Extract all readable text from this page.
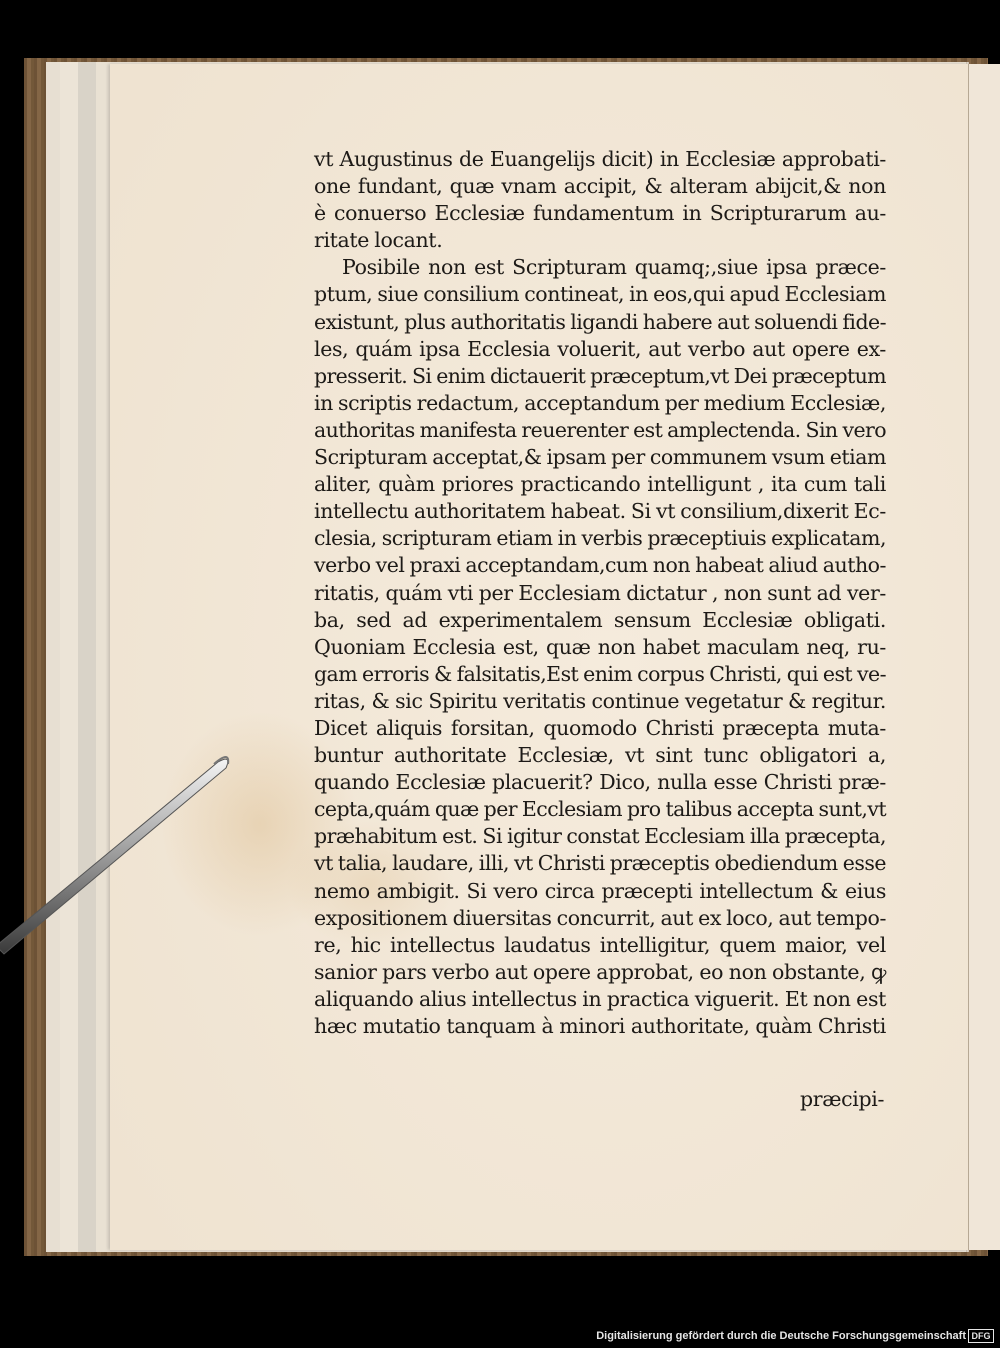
vt Augustinus de Euangelijs dicit) in Ecclesiæ approbati-
one fundant, quæ vnam accipit, & alteram abijcit,& non
è conuerso Ecclesiæ fundamentum in Scripturarum au-
ritate locant.
Posibile non est Scripturam quamq;,siue ipsa præce-
ptum, siue consilium contineat, in eos,qui apud Ecclesiam
existunt, plus authoritatis ligandi habere aut soluendi fide-
les, quám ipsa Ecclesia voluerit, aut verbo aut opere ex-
presserit. Si enim dictauerit præceptum,vt Dei præceptum
in scriptis redactum, acceptandum per medium Ecclesiæ,
authoritas manifesta reuerenter est amplectenda. Sin vero
Scripturam acceptat,& ipsam per communem vsum etiam
aliter, quàm priores practicando intelligunt , ita cum tali
intellectu authoritatem habeat. Si vt consilium,dixerit Ec-
clesia, scripturam etiam in verbis præceptiuis explicatam,
verbo vel praxi acceptandam,cum non habeat aliud autho-
ritatis, quám vti per Ecclesiam dictatur , non sunt ad ver-
ba, sed ad experimentalem sensum Ecclesiæ obligati.
Quoniam Ecclesia est, quæ non habet maculam neq, ru-
gam erroris & falsitatis,Est enim corpus Christi, qui est ve-
ritas, & sic Spiritu veritatis continue vegetatur & regitur.
Dicet aliquis forsitan, quomodo Christi præcepta muta-
buntur authoritate Ecclesiæ, vt sint tunc obligatori a,
quando Ecclesiæ placuerit? Dico, nulla esse Christi præ-
cepta,quám quæ per Ecclesiam pro talibus accepta sunt,vt
præhabitum est. Si igitur constat Ecclesiam illa præcepta,
vt talia, laudare, illi, vt Christi præceptis obediendum esse
nemo ambigit. Si vero circa præcepti intellectum & eius
expositionem diuersitas concurrit, aut ex loco, aut tempo-
re, hic intellectus laudatus intelligitur, quem maior, vel
sanior pars verbo aut opere approbat, eo non obstante, ꝙ
aliquando alius intellectus in practica viguerit. Et non est
hæc mutatio tanquam à minori authoritate, quàm Christi
præcipi-
Digitalisierung gefördert durch die Deutsche Forschungsgemeinschaft DFG
